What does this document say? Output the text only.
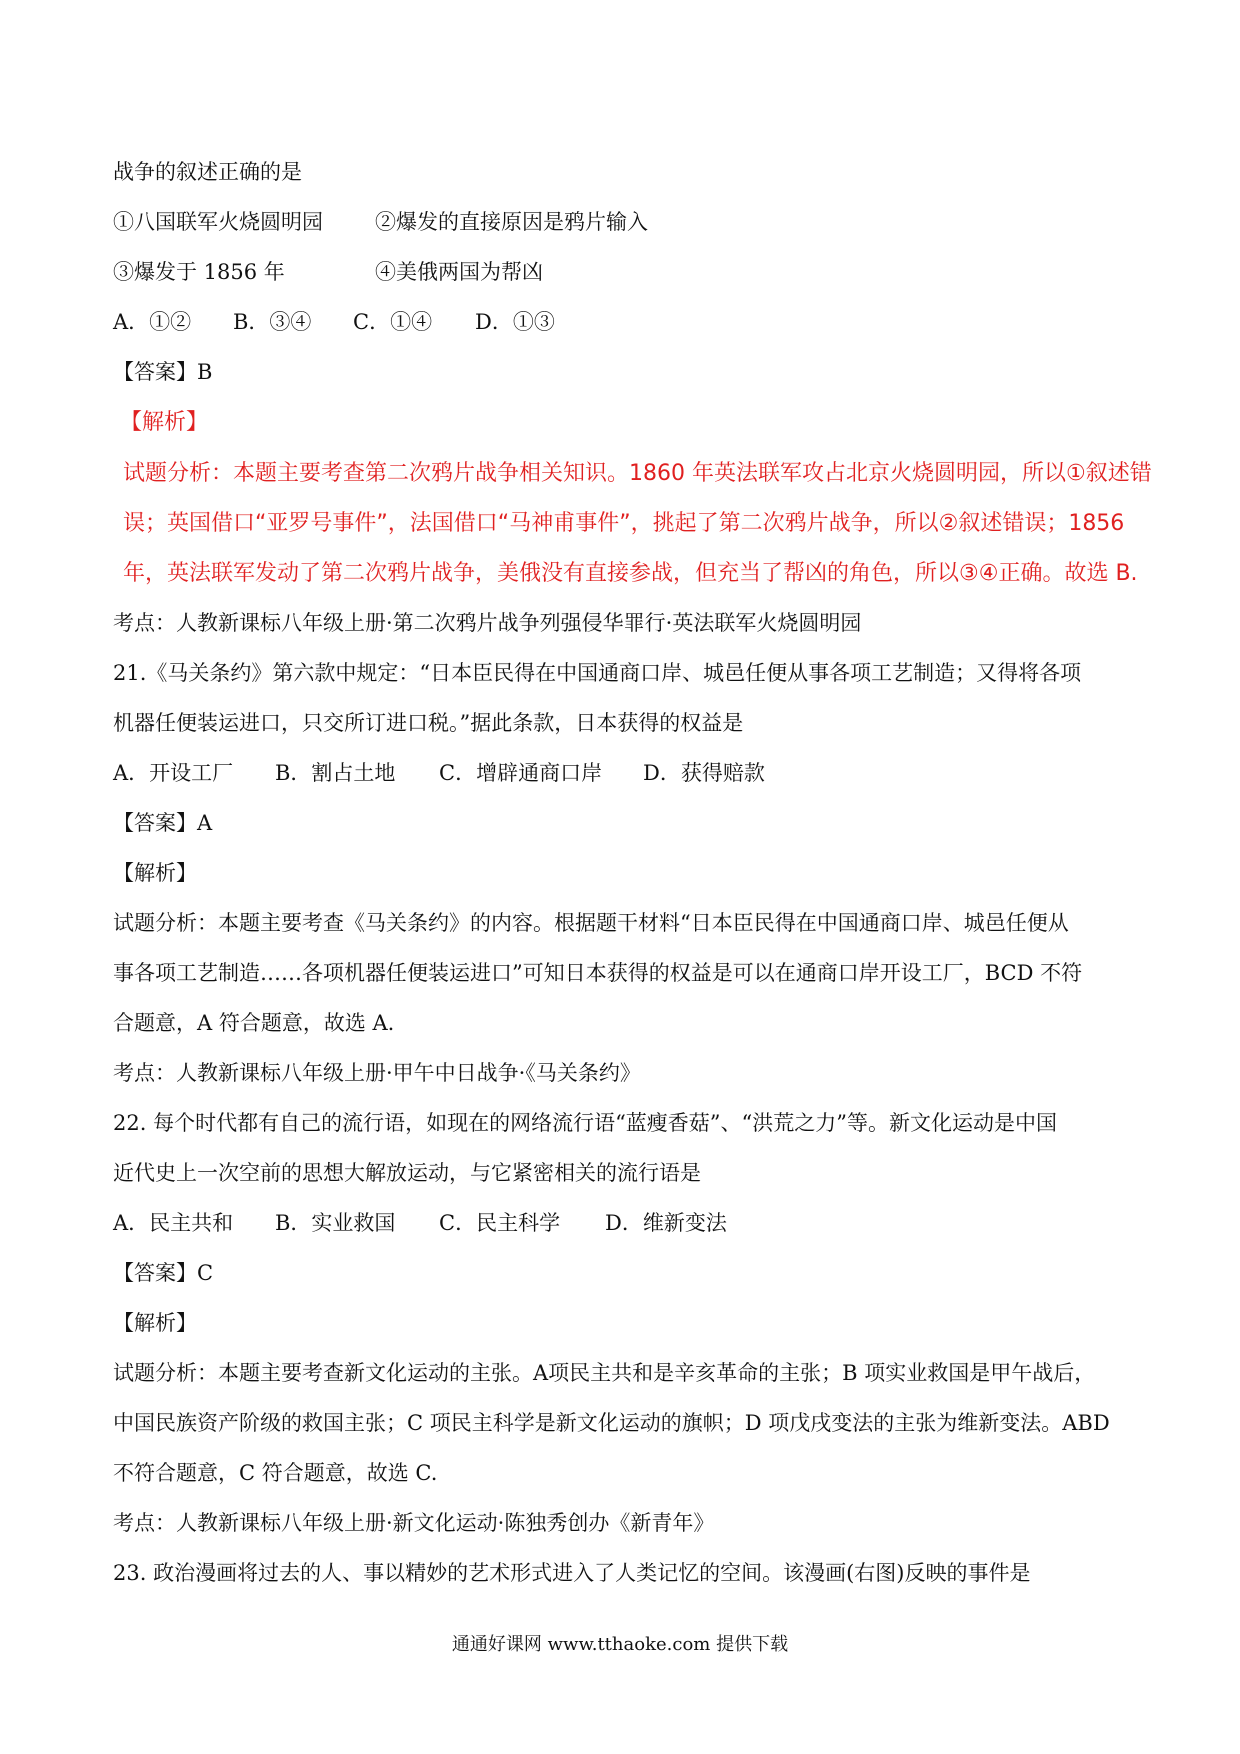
战争的叙述正确的是
①八国联军火烧圆明园 ②爆发的直接原因是鸦片输入
③爆发于 1856 年	④美俄两国为帮凶
A．①② B．③④ C．①④ D．①③
【答案】B
【解析】
试题分析：本题主要考查第二次鸦片战争相关知识。1860 年英法联军攻占北京火烧圆明园，所以①叙述错
误；英国借口“亚罗号事件”，法国借口“马神甫事件”，挑起了第二次鸦片战争，所以②叙述错误；1856
年，英法联军发动了第二次鸦片战争，美俄没有直接参战，但充当了帮凶的角色，所以③④正确。故选 B.
考点：人教新课标八年级上册·第二次鸦片战争列强侵华罪行·英法联军火烧圆明园
21.《马关条约》第六款中规定：“日本臣民得在中国通商口岸、城邑任便从事各项工艺制造；又得将各项
机器任便装运进口，只交所订进口税。”据此条款，日本获得的权益是
A．开设工厂 B．割占土地 C．增辟通商口岸 D．获得赔款
【答案】A
【解析】
试题分析：本题主要考查《马关条约》的内容。根据题干材料“日本臣民得在中国通商口岸、城邑任便从
事各项工艺制造……各项机器任便装运进口”可知日本获得的权益是可以在通商口岸开设工厂，BCD 不符
合题意，A 符合题意，故选 A.
考点：人教新课标八年级上册·甲午中日战争·《马关条约》
22. 每个时代都有自己的流行语，如现在的网络流行语“蓝瘦香菇”、“洪荒之力”等。新文化运动是中国
近代史上一次空前的思想大解放运动，与它紧密相关的流行语是
A．民主共和 B．实业救国 C．民主科学 D．维新变法
【答案】C
【解析】
试题分析：本题主要考查新文化运动的主张。A项民主共和是辛亥革命的主张；B 项实业救国是甲午战后，
中国民族资产阶级的救国主张；C 项民主科学是新文化运动的旗帜；D 项戊戌变法的主张为维新变法。ABD
不符合题意，C 符合题意，故选 C.
考点：人教新课标八年级上册·新文化运动·陈独秀创办《新青年》
23. 政治漫画将过去的人、事以精妙的艺术形式进入了人类记忆的空间。该漫画(右图)反映的事件是
通通好课网 www.tthaoke.com 提供下载
